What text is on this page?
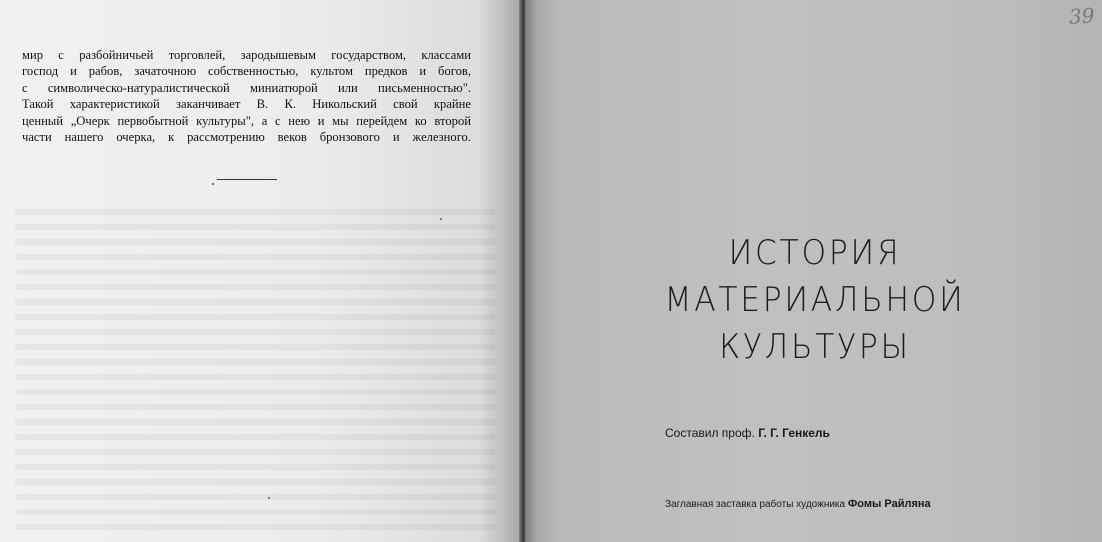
мир с разбойничьей торговлей, зародышевым государством, классами
господ и рабов, зачаточною собственностью, культом предков и богов,
с символическо-натуралистической миниатюрой или письменностью".
Такой характеристикой заканчивает В. К. Никольский свой крайне
ценный „Очерк первобытной культуры", а с нею и мы перейдем ко второй
части нашего очерка, к рассмотрению веков бронзового и железного.

39
ИСТОРИЯ
МАТЕРИАЛЬНОЙ
КУЛЬТУРЫ
Составил проф. Г. Г. Генкель
Заглавная заставка работы художника Фомы Райляна
